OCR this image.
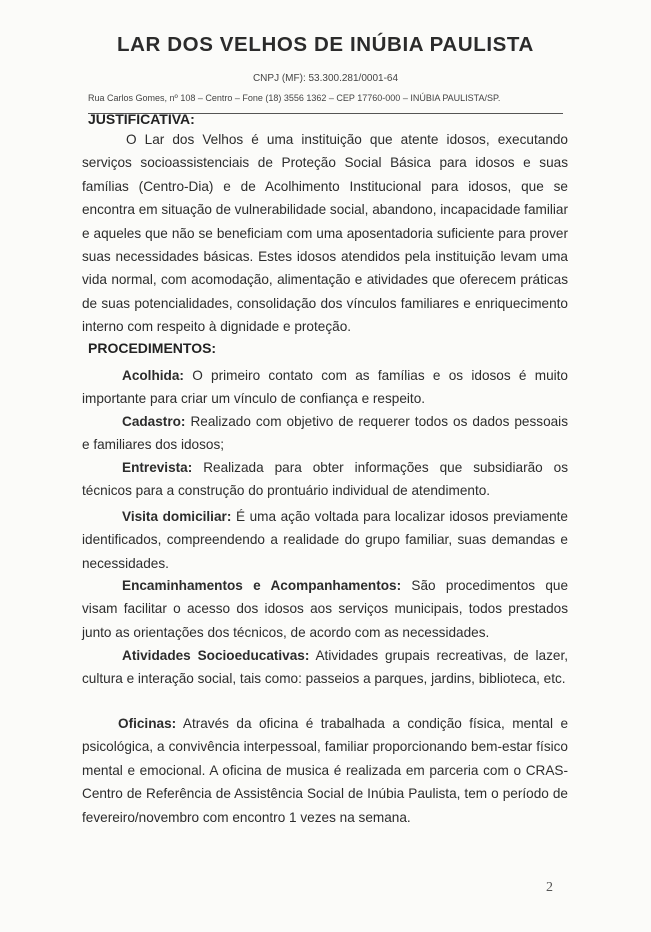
LAR DOS VELHOS DE INÚBIA PAULISTA
CNPJ (MF): 53.300.281/0001-64
Rua Carlos Gomes, nº 108 – Centro – Fone (18) 3556 1362 – CEP 17760-000 – INÚBIA PAULISTA/SP.
JUSTIFICATIVA:
O Lar dos Velhos é uma instituição que atente idosos, executando serviços socioassistenciais de Proteção Social Básica para idosos e suas famílias (Centro-Dia) e de Acolhimento Institucional para idosos, que se encontra em situação de vulnerabilidade social, abandono, incapacidade familiar e aqueles que não se beneficiam com uma aposentadoria suficiente para prover suas necessidades básicas. Estes idosos atendidos pela instituição levam uma vida normal, com acomodação, alimentação e atividades que oferecem práticas de suas potencialidades, consolidação dos vínculos familiares e enriquecimento interno com respeito à dignidade e proteção.
PROCEDIMENTOS:
Acolhida: O primeiro contato com as famílias e os idosos é muito importante para criar um vínculo de confiança e respeito.
Cadastro: Realizado com objetivo de requerer todos os dados pessoais e familiares dos idosos;
Entrevista: Realizada para obter informações que subsidiarão os técnicos para a construção do prontuário individual de atendimento.
Visita domiciliar: É uma ação voltada para localizar idosos previamente identificados, compreendendo a realidade do grupo familiar, suas demandas e necessidades.
Encaminhamentos e Acompanhamentos: São procedimentos que visam facilitar o acesso dos idosos aos serviços municipais, todos prestados junto as orientações dos técnicos, de acordo com as necessidades.
Atividades Socioeducativas: Atividades grupais recreativas, de lazer, cultura e interação social, tais como: passeios a parques, jardins, biblioteca, etc.
Oficinas: Através da oficina é trabalhada a condição física, mental e psicológica, a convivência interpessoal, familiar proporcionando bem-estar físico mental e emocional. A oficina de musica é realizada em parceria com o CRAS-Centro de Referência de Assistência Social de Inúbia Paulista, tem o período de fevereiro/novembro com encontro 1 vezes na semana.
2
